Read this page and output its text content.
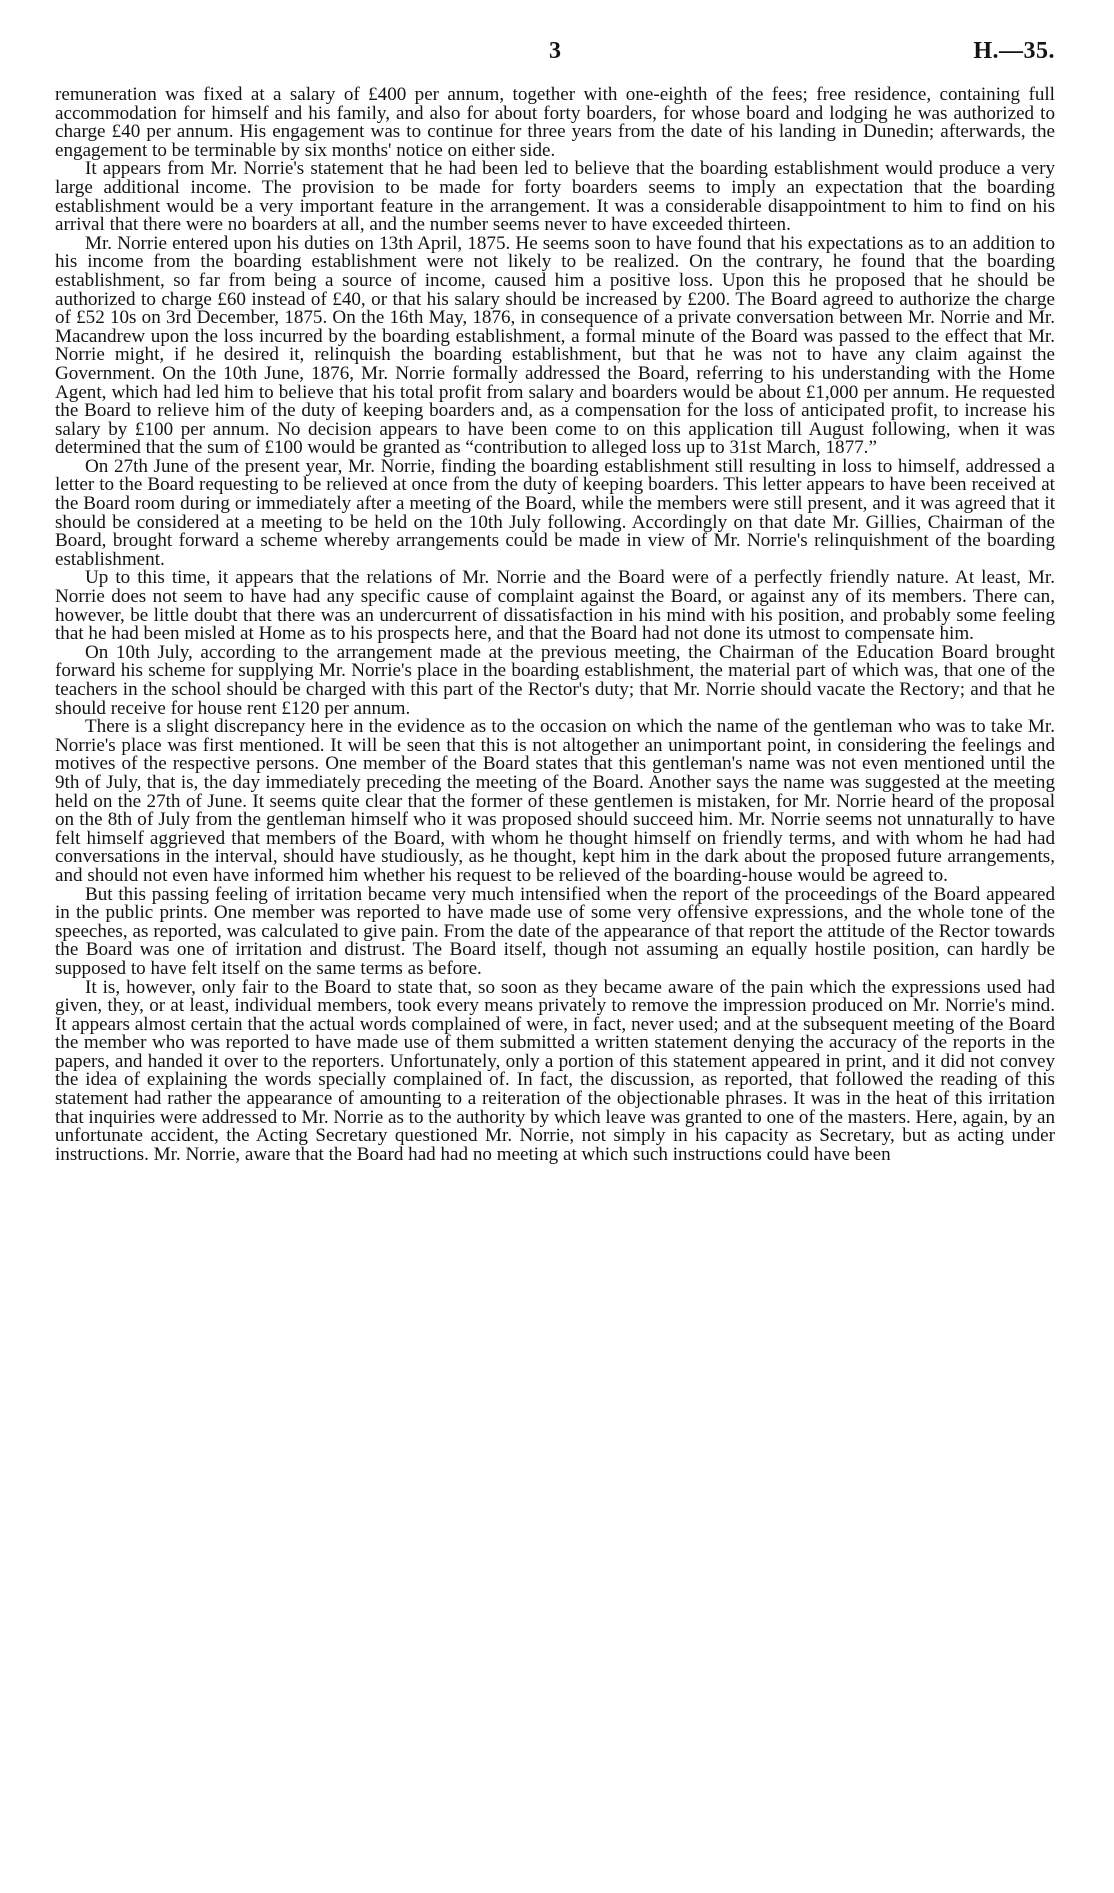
3	H.—35.

remuneration was fixed at a salary of £400 per annum, together with one-eighth of the fees; free residence, containing full accommodation for himself and his family, and also for about forty boarders, for whose board and lodging he was authorized to charge £40 per annum. His engagement was to continue for three years from the date of his landing in Dunedin; afterwards, the engagement to be terminable by six months' notice on either side.

It appears from Mr. Norrie's statement that he had been led to believe that the boarding establishment would produce a very large additional income. The provision to be made for forty boarders seems to imply an expectation that the boarding establishment would be a very important feature in the arrangement. It was a considerable disappointment to him to find on his arrival that there were no boarders at all, and the number seems never to have exceeded thirteen.

Mr. Norrie entered upon his duties on 13th April, 1875. He seems soon to have found that his expectations as to an addition to his income from the boarding establishment were not likely to be realized. On the contrary, he found that the boarding establishment, so far from being a source of income, caused him a positive loss. Upon this he proposed that he should be authorized to charge £60 instead of £40, or that his salary should be increased by £200. The Board agreed to authorize the charge of £52 10s on 3rd December, 1875. On the 16th May, 1876, in consequence of a private conversation between Mr. Norrie and Mr. Macandrew upon the loss incurred by the boarding establishment, a formal minute of the Board was passed to the effect that Mr. Norrie might, if he desired it, relinquish the boarding establishment, but that he was not to have any claim against the Government. On the 10th June, 1876, Mr. Norrie formally addressed the Board, referring to his understanding with the Home Agent, which had led him to believe that his total profit from salary and boarders would be about £1,000 per annum. He requested the Board to relieve him of the duty of keeping boarders and, as a compensation for the loss of anticipated profit, to increase his salary by £100 per annum. No decision appears to have been come to on this application till August following, when it was determined that the sum of £100 would be granted as “contribution to alleged loss up to 31st March, 1877.”

On 27th June of the present year, Mr. Norrie, finding the boarding establishment still resulting in loss to himself, addressed a letter to the Board requesting to be relieved at once from the duty of keeping boarders. This letter appears to have been received at the Board room during or immediately after a meeting of the Board, while the members were still present, and it was agreed that it should be considered at a meeting to be held on the 10th July following. Accordingly on that date Mr. Gillies, Chairman of the Board, brought forward a scheme whereby arrangements could be made in view of Mr. Norrie's relinquishment of the boarding establishment.

Up to this time, it appears that the relations of Mr. Norrie and the Board were of a perfectly friendly nature. At least, Mr. Norrie does not seem to have had any specific cause of complaint against the Board, or against any of its members. There can, however, be little doubt that there was an undercurrent of dissatisfaction in his mind with his position, and probably some feeling that he had been misled at Home as to his prospects here, and that the Board had not done its utmost to compensate him.

On 10th July, according to the arrangement made at the previous meeting, the Chairman of the Education Board brought forward his scheme for supplying Mr. Norrie's place in the boarding establishment, the material part of which was, that one of the teachers in the school should be charged with this part of the Rector's duty; that Mr. Norrie should vacate the Rectory; and that he should receive for house rent £120 per annum.

There is a slight discrepancy here in the evidence as to the occasion on which the name of the gentleman who was to take Mr. Norrie's place was first mentioned. It will be seen that this is not altogether an unimportant point, in considering the feelings and motives of the respective persons. One member of the Board states that this gentleman's name was not even mentioned until the 9th of July, that is, the day immediately preceding the meeting of the Board. Another says the name was suggested at the meeting held on the 27th of June. It seems quite clear that the former of these gentlemen is mistaken, for Mr. Norrie heard of the proposal on the 8th of July from the gentleman himself who it was proposed should succeed him. Mr. Norrie seems not unnaturally to have felt himself aggrieved that members of the Board, with whom he thought himself on friendly terms, and with whom he had had conversations in the interval, should have studiously, as he thought, kept him in the dark about the proposed future arrangements, and should not even have informed him whether his request to be relieved of the boarding-house would be agreed to.

But this passing feeling of irritation became very much intensified when the report of the proceedings of the Board appeared in the public prints. One member was reported to have made use of some very offensive expressions, and the whole tone of the speeches, as reported, was calculated to give pain. From the date of the appearance of that report the attitude of the Rector towards the Board was one of irritation and distrust. The Board itself, though not assuming an equally hostile position, can hardly be supposed to have felt itself on the same terms as before.

It is, however, only fair to the Board to state that, so soon as they became aware of the pain which the expressions used had given, they, or at least, individual members, took every means privately to remove the impression produced on Mr. Norrie's mind. It appears almost certain that the actual words complained of were, in fact, never used; and at the subsequent meeting of the Board the member who was reported to have made use of them submitted a written statement denying the accuracy of the reports in the papers, and handed it over to the reporters. Unfortunately, only a portion of this statement appeared in print, and it did not convey the idea of explaining the words specially complained of. In fact, the discussion, as reported, that followed the reading of this statement had rather the appearance of amounting to a reiteration of the objectionable phrases. It was in the heat of this irritation that inquiries were addressed to Mr. Norrie as to the authority by which leave was granted to one of the masters. Here, again, by an unfortunate accident, the Acting Secretary questioned Mr. Norrie, not simply in his capacity as Secretary, but as acting under instructions. Mr. Norrie, aware that the Board had had no meeting at which such instructions could have been
